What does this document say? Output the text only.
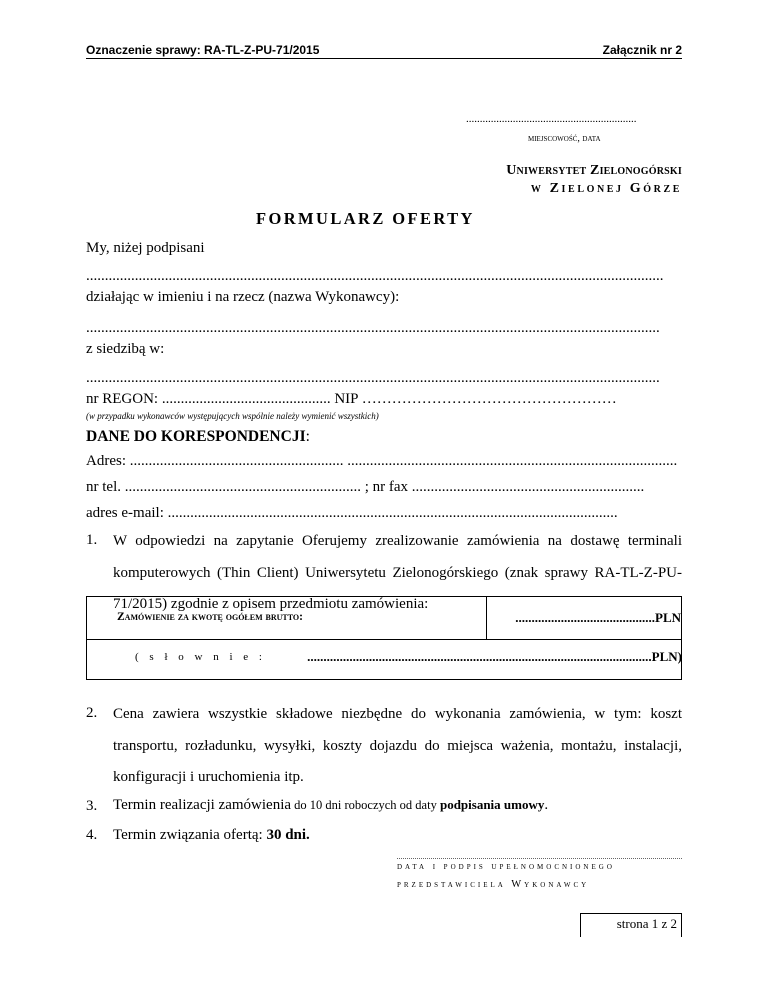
Oznaczenie sprawy: RA-TL-Z-PU-71/2015	Załącznik nr 2
..............................................................
miejscowość, data
Uniwersytet Zielonogórski
w Zielonej Górze
FORMULARZ OFERTY
My, niżej podpisani
..........................................................................................................................................................
działając w imieniu i na rzecz (nazwa Wykonawcy):
.........................................................................................................................................................
z siedzibą w:
.........................................................................................................................................................
nr REGON: ............................................. NIP ……………………………………………
(w przypadku wykonawców występujących wspólnie należy wymienić wszystkich)
DANE DO KORESPONDENCJI:
Adres: ......................................................... ........................................................................................
nr tel. ............................................................... ; nr fax ..............................................................
adres e-mail: ........................................................................................................................
1. W odpowiedzi na zapytanie Oferujemy zrealizowanie zamówienia na dostawę terminali komputerowych (Thin Client) Uniwersytetu Zielonogórskiego (znak sprawy RA-TL-Z-PU-71/2015) zgodnie z opisem przedmiotu zamówienia:
Zamówienie za kwotę ogółem brutto:	...........................................PLN
( s ł o w n i e :	..........................................................................................................PLN)
2. Cena zawiera wszystkie składowe niezbędne do wykonania zamówienia, w tym: koszt transportu, rozładunku, wysyłki, koszty dojazdu do miejsca ważenia, montażu, instalacji, konfiguracji i uruchomienia itp.
3. Termin realizacji zamówienia do 10 dni roboczych od daty podpisania umowy.
4. Termin związania ofertą: 30 dni.
data i podpis upełnomocnionego
przedstawiciela Wykonawcy
strona 1 z 2
